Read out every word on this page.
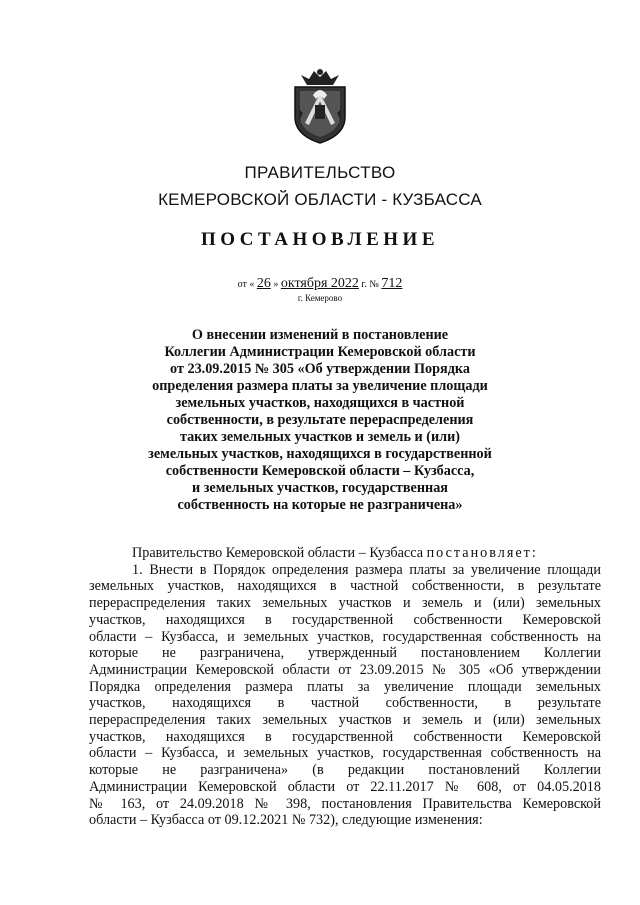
ПРАВИТЕЛЬСТВО
КЕМЕРОВСКОЙ ОБЛАСТИ - КУЗБАССА
ПОСТАНОВЛЕНИЕ
от « 26 » октября 2022 г. № 712
г. Кемерово
О внесении изменений в постановление
Коллегии Администрации Кемеровской области
от 23.09.2015 № 305 «Об утверждении Порядка
определения размера платы за увеличение площади
земельных участков, находящихся в частной
собственности, в результате перераспределения
таких земельных участков и земель и (или)
земельных участков, находящихся в государственной
собственности Кемеровской области – Кузбасса,
и земельных участков, государственная
собственность на которые не разграничена»
Правительство Кемеровской области – Кузбасса постановляет:
1. Внести в Порядок определения размера платы за увеличение площади
земельных участков, находящихся в частной собственности, в результате
перераспределения таких земельных участков и земель и (или) земельных
участков, находящихся в государственной собственности Кемеровской
области – Кузбасса, и земельных участков, государственная собственность на
которые не разграничена, утвержденный постановлением Коллегии
Администрации Кемеровской области от 23.09.2015 № 305 «Об утверждении
Порядка определения размера платы за увеличение площади земельных
участков, находящихся в частной собственности, в результате
перераспределения таких земельных участков и земель и (или) земельных
участков, находящихся в государственной собственности Кемеровской
области – Кузбасса, и земельных участков, государственная собственность на
которые не разграничена» (в редакции постановлений Коллегии
Администрации Кемеровской области от 22.11.2017 № 608, от 04.05.2018
№ 163, от 24.09.2018 № 398, постановления Правительства Кемеровской
области – Кузбасса от 09.12.2021 № 732), следующие изменения:
